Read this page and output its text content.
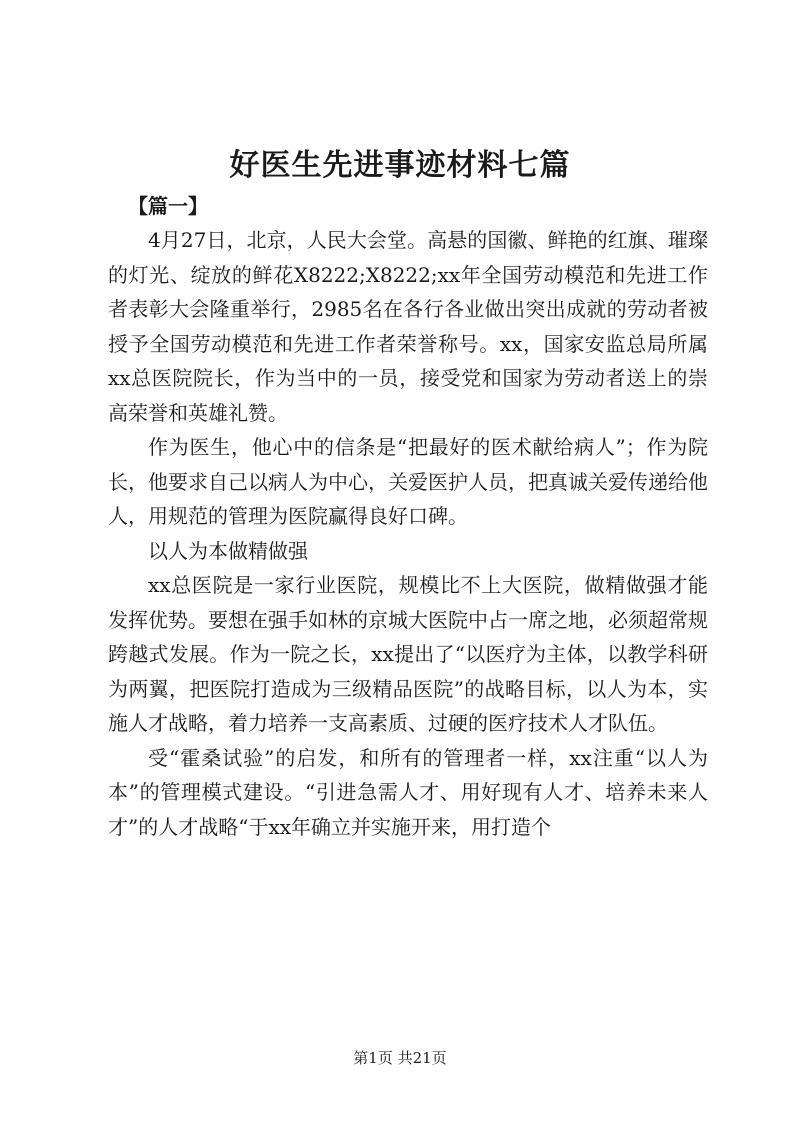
好医生先进事迹材料七篇
【篇一】

4月27日，北京，人民大会堂。高悬的国徽、鲜艳的红旗、璀璨的灯光、绽放的鲜花X8222;X8222;xx年全国劳动模范和先进工作者表彰大会隆重举行，2985名在各行各业做出突出成就的劳动者被授予全国劳动模范和先进工作者荣誉称号。xx，国家安监总局所属xx总医院院长，作为当中的一员，接受党和国家为劳动者送上的崇高荣誉和英雄礼赞。

作为医生，他心中的信条是“把最好的医术献给病人”；作为院长，他要求自己以病人为中心，关爱医护人员，把真诚关爱传递给他人，用规范的管理为医院赢得良好口碑。

以人为本做精做强

xx总医院是一家行业医院，规模比不上大医院，做精做强才能发挥优势。要想在强手如林的京城大医院中占一席之地，必须超常规跨越式发展。作为一院之长，xx提出了“以医疗为主体，以教学科研为两翼，把医院打造成为三级精品医院”的战略目标，以人为本，实施人才战略，着力培养一支高素质、过硬的医疗技术人才队伍。

受“霍桑试验”的启发，和所有的管理者一样，xx注重“以人为本”的管理模式建设。“引进急需人才、用好现有人才、培养未来人才”的人才战略“于xx年确立并实施开来，用打造个

第1页 共21页
